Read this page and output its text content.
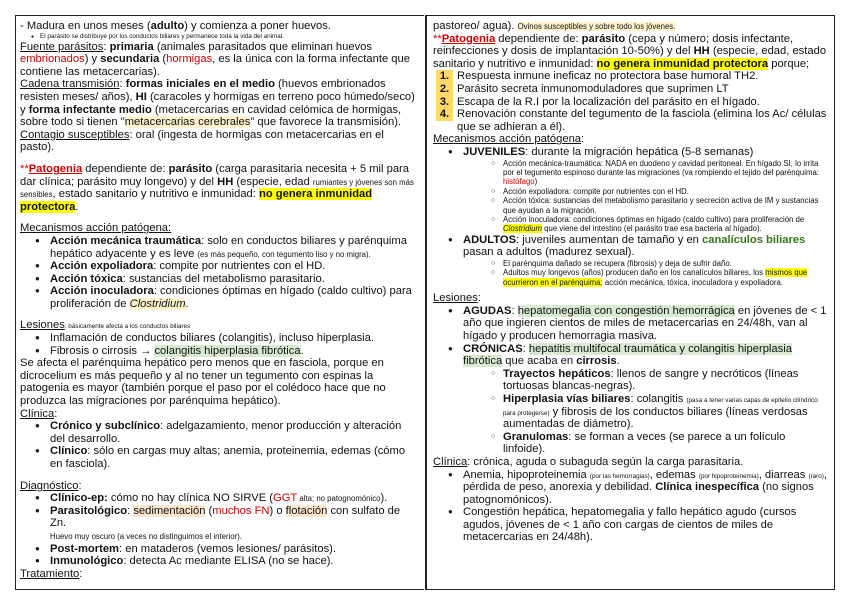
- Madura en unos meses (adulto) y comienza a poner huevos.

● El parásito se distribuye por los conductos biliares y permanece toda la vida del animal.

Fuente parásitos: primaria (animales parasitados que eliminan huevos embrionados) y secundaria (hormigas, es la única con la forma infectante que contiene las metacercarias).

Cadena transmisión: formas iniciales en el medio (huevos embrionados resisten meses/ años), HI (caracoles y hormigas en terreno poco húmedo/seco) y forma infectante medio (metacercarias en cavidad celómica de hormigas, sobre todo si tienen "metacercarias cerebrales" que favorece la transmisión).

Contagio susceptibles: oral (ingesta de hormigas con metacercarias en el pasto).

**Patogenia dependiente de: parásito (carga parasitaria necesita + 5 mil para dar clínica; parásito muy longevo) y del HH (especie, edad rumiantes y jóvenes son más sensibles, estado sanitario y nutritivo e inmunidad: no genera inmunidad protectora.

Mecanismos acción patógena:

● Acción mecánica traumática: solo en conductos biliares y parénquima hepático adyacente y es leve (es más pequeño, con tegumento liso y no migra).
● Acción expoliadora: compite por nutrientes con el HD.
● Acción tóxica: sustancias del metabolismo parasitario.
● Acción inoculadora: condiciones óptimas en hígado (caldo cultivo) para proliferación de Clostridium.

Lesiones: básicamente afecta a los conductos biliares

● Inflamación de conductos biliares (colangitis), incluso hiperplasia.
● Fibrosis o cirrosis → colangitis hiperplasia fibrótica.

Se afecta el parénquima hepático pero menos que en fasciola, porque en dicrocelium es más pequeño y al no tener un tegumento con espinas la patogenia es mayor (también porque el paso por el colédoco hace que no produzca las migraciones por parénquima hepático).

Clínica:

● Crónico y subclínico: adelgazamiento, menor producción y alteración del desarrollo.
● Clínico: sólo en cargas muy altas; anemia, proteinemia, edemas (cómo en fasciola).

Diagnóstico:

● Clínico-ep: cómo no hay clínica NO SIRVE (GGT alta; no patognomónico).
● Parasitológico: sedimentación (muchos FN) o flotación con sulfato de Zn.
Huevo muy oscuro (a veces no distinguimos el interior).
● Post-mortem: en mataderos (vemos lesiones/ parásitos).
● Inmunológico: detecta Ac mediante ELISA (no se hace).

Tratamiento:

pastoreo/ agua). Ovinos susceptibles y sobre todo los jóvenes.

**Patogenia dependiente de: parásito (cepa y número; dosis infectante, reinfecciones y dosis de implantación 10-50%) y del HH (especie, edad, estado sanitario y nutritivo e inmunidad: no genera inmunidad protectora porque;

1. Respuesta inmune ineficaz no protectora base humoral TH2.
2. Parásito secreta inmunomoduladores que suprimen LT
3. Escapa de la R.I por la localización del parásito en el hígado.
4. Renovación constante del tegumento de la fasciola (elimina los Ac/ células que se adhieran a él).

Mecanismos acción patógena:

● JUVENILES: durante la migración hepática (5-8 semanas)
○ Acción mecánica-traumática: NADA en duodeno y cavidad peritoneal. En hígado SI, lo irrita por el tegumento espinoso durante las migraciones (va rompiendo el tejido del parénquima: histófago)
○ Acción expoliadora: compite por nutrientes con el HD.
○ Acción tóxica: sustancias del metabolismo parasitario y secreción activa de IM y sustancias que ayudan a la migración.
○ Acción inoculadora: condiciones óptimas en hígado (caldo cultivo) para proliferación de Clostridium que viene del intestino (el parásito trae esa bacteria al hígado).
● ADULTOS: juveniles aumentan de tamaño y en canalículos biliares pasan a adultos (madurez sexual).
○ El parénquima dañado se recupera (fibrosis) y deja de sufrir daño.
○ Adultos muy longevos (años) producen daño en los canalículos biliares, los mismos que ocurrieron en el parénquima; acción mecánica, tóxica, inoculadora y expoliadora.

Lesiones:

● AGUDAS: hepatomegalia con congestión hemorrágica en jóvenes de < 1 año que ingieren cientos de miles de metacercarias en 24/48h, van al hígado y producen hemorragia masiva.
● CRÓNICAS: hepatitis multifocal traumática y colangitis hiperplasia fibrótica que acaba en cirrosis.
○ Trayectos hepáticos: llenos de sangre y necróticos (líneas tortuosas blancas-negras).
○ Hiperplasia vías biliares: colangitis (pasa a tener varias capas de epitelio cilíndrico para protegerse) y fibrosis de los conductos biliares (líneas verdosas aumentadas de diámetro).
○ Granulomas: se forman a veces (se parece a un folículo linfoide).

Clínica: crónica, aguda o subaguda según la carga parasitaria.

● Anemia, hipoproteinemia (por las hemorragias), edemas (por hipoproteinemia), diarreas (raro), pérdida de peso, anorexia y debilidad. Clínica inespecífica (no signos patognomónicos).
● Congestión hepática, hepatomegalia y fallo hepático agudo (cursos agudos, jóvenes de < 1 año con cargas de cientos de miles de metacercarias en 24/48h).
